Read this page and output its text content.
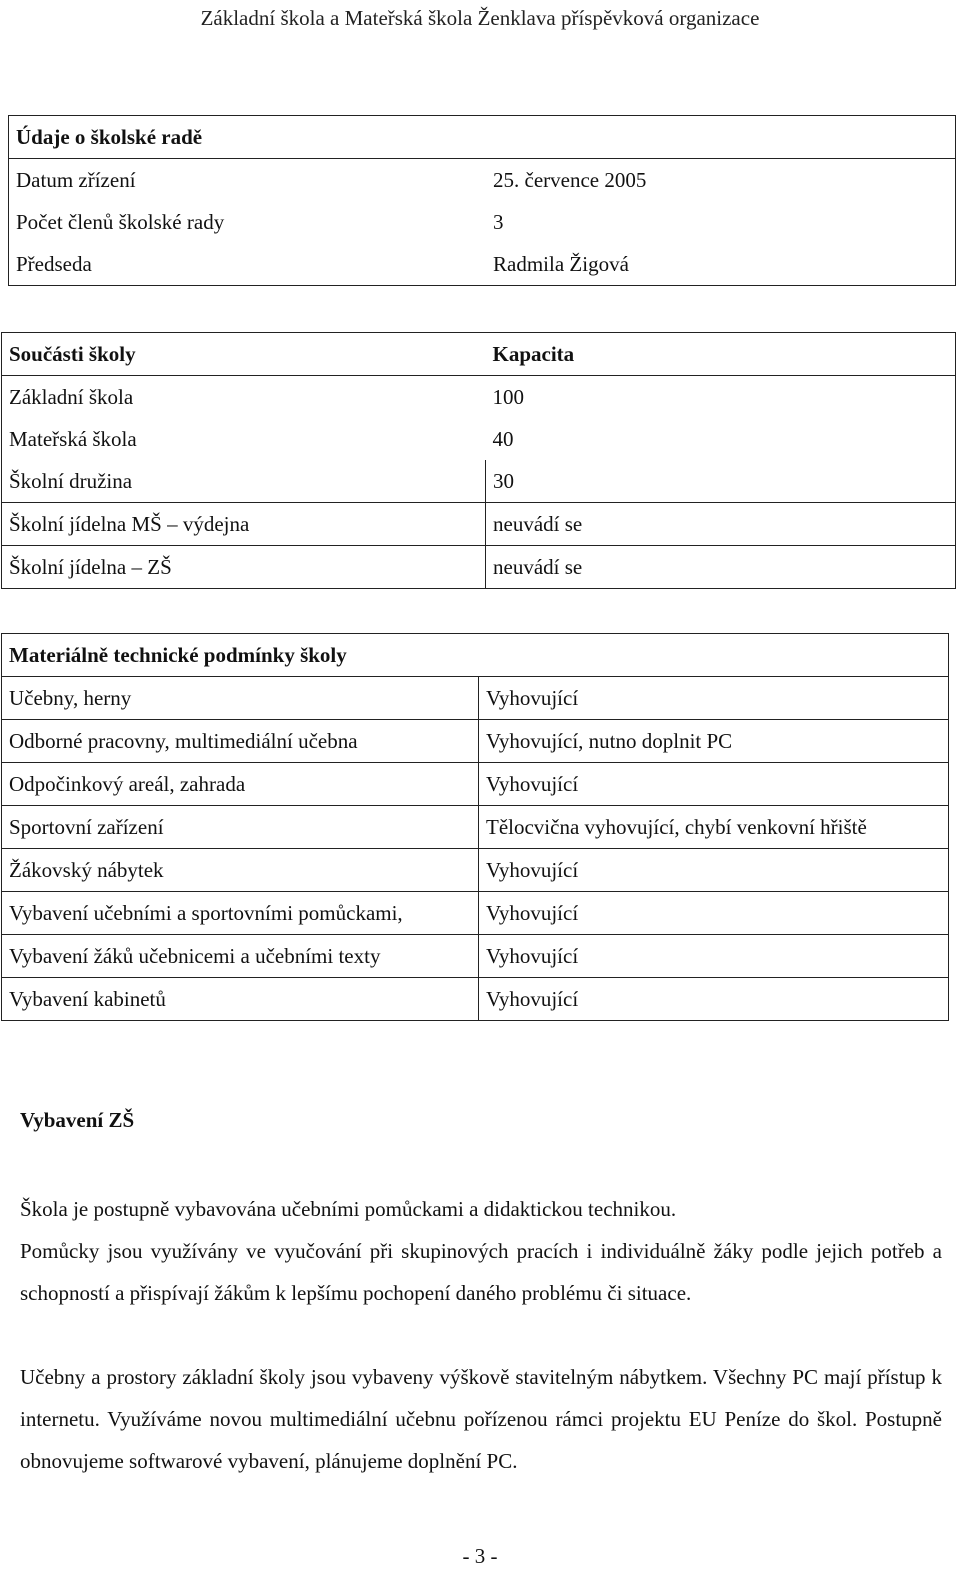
Základní škola a Mateřská škola Ženklava příspěvková organizace
Údaje o školské radě	
Datum zřízení	25. července 2005
Počet členů školské rady	3
Předseda	Radmila Žigová
Součásti školy	Kapacita
Základní škola	100
Mateřská škola	40
Školní družina	30
Školní jídelna MŠ – výdejna	neuvádí se
Školní jídelna – ZŠ	neuvádí se
Materiálně technické podmínky školy	
Učebny, herny	Vyhovující
Odborné pracovny, multimediální učebna	Vyhovující, nutno doplnit PC
Odpočinkový areál, zahrada	Vyhovující
Sportovní zařízení	Tělocvična vyhovující, chybí venkovní hřiště
Žákovský nábytek	Vyhovující
Vybavení učebními a sportovními pomůckami,	Vyhovující
Vybavení žáků učebnicemi a učebními texty	Vyhovující
Vybavení kabinetů	Vyhovující
Vybavení ZŠ

Škola je postupně vybavována učebními pomůckami a didaktickou technikou.

Pomůcky jsou využívány ve vyučování při skupinových pracích i individuálně žáky podle jejich potřeb a schopností a přispívají žákům k lepšímu pochopení daného problému či situace.

Učebny a prostory základní školy jsou vybaveny výškově stavitelným nábytkem. Všechny PC mají přístup k internetu. Využíváme novou multimediální učebnu pořízenou rámci projektu EU Peníze do škol. Postupně obnovujeme softwarové vybavení, plánujeme doplnění PC.

- 3 -
